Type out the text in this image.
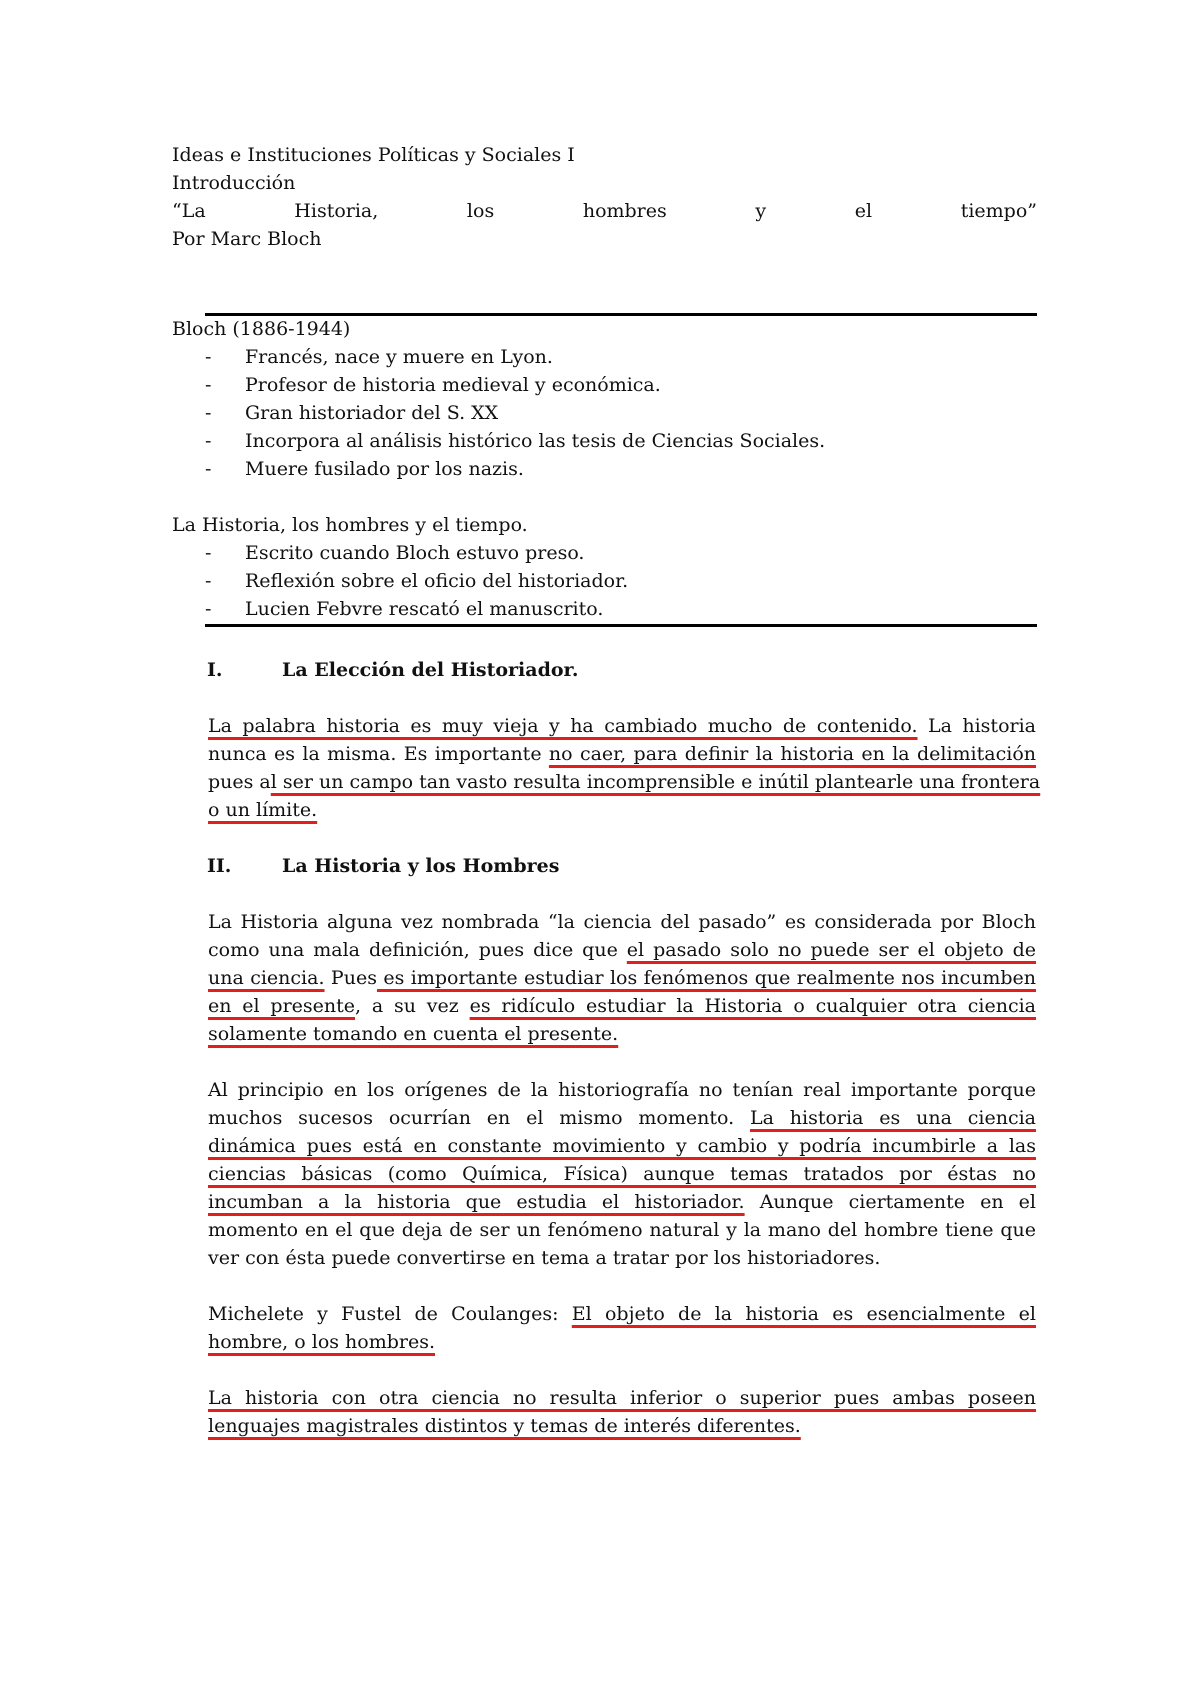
Ideas e Instituciones Políticas y Sociales I
Introducción
“La	Historia,	los	hombres	y	el	tiempo”
Por Marc Bloch
Bloch (1886-1944)
- Francés, nace y muere en Lyon.
- Profesor de historia medieval y económica.
- Gran historiador del S. XX
- Incorpora al análisis histórico las tesis de Ciencias Sociales.
- Muere fusilado por los nazis.
La Historia, los hombres y el tiempo.
- Escrito cuando Bloch estuvo preso.
- Reflexión sobre el oficio del historiador.
- Lucien Febvre rescató el manuscrito.
I.	La Elección del Historiador.
La palabra historia es muy vieja y ha cambiado mucho de contenido. La historia
nunca es la misma. Es importante no caer, para definir la historia en la delimitación
pues al ser un campo tan vasto resulta incomprensible e inútil plantearle una frontera
o un límite.
II.	La Historia y los Hombres
La Historia alguna vez nombrada “la ciencia del pasado” es considerada por Bloch
como una mala definición, pues dice que el pasado solo no puede ser el objeto de
una ciencia. Pues es importante estudiar los fenómenos que realmente nos incumben
en el presente, a su vez es ridículo estudiar la Historia o cualquier otra ciencia
solamente tomando en cuenta el presente.
Al principio en los orígenes de la historiografía no tenían real importante porque
muchos sucesos ocurrían en el mismo momento. La historia es una ciencia
dinámica pues está en constante movimiento y cambio y podría incumbirle a las
ciencias básicas (como Química, Física) aunque temas tratados por éstas no
incumban a la historia que estudia el historiador. Aunque ciertamente en el
momento en el que deja de ser un fenómeno natural y la mano del hombre tiene que
ver con ésta puede convertirse en tema a tratar por los historiadores.
Michelete y Fustel de Coulanges: El objeto de la historia es esencialmente el
hombre, o los hombres.
La historia con otra ciencia no resulta inferior o superior pues ambas poseen
lenguajes magistrales distintos y temas de interés diferentes.
